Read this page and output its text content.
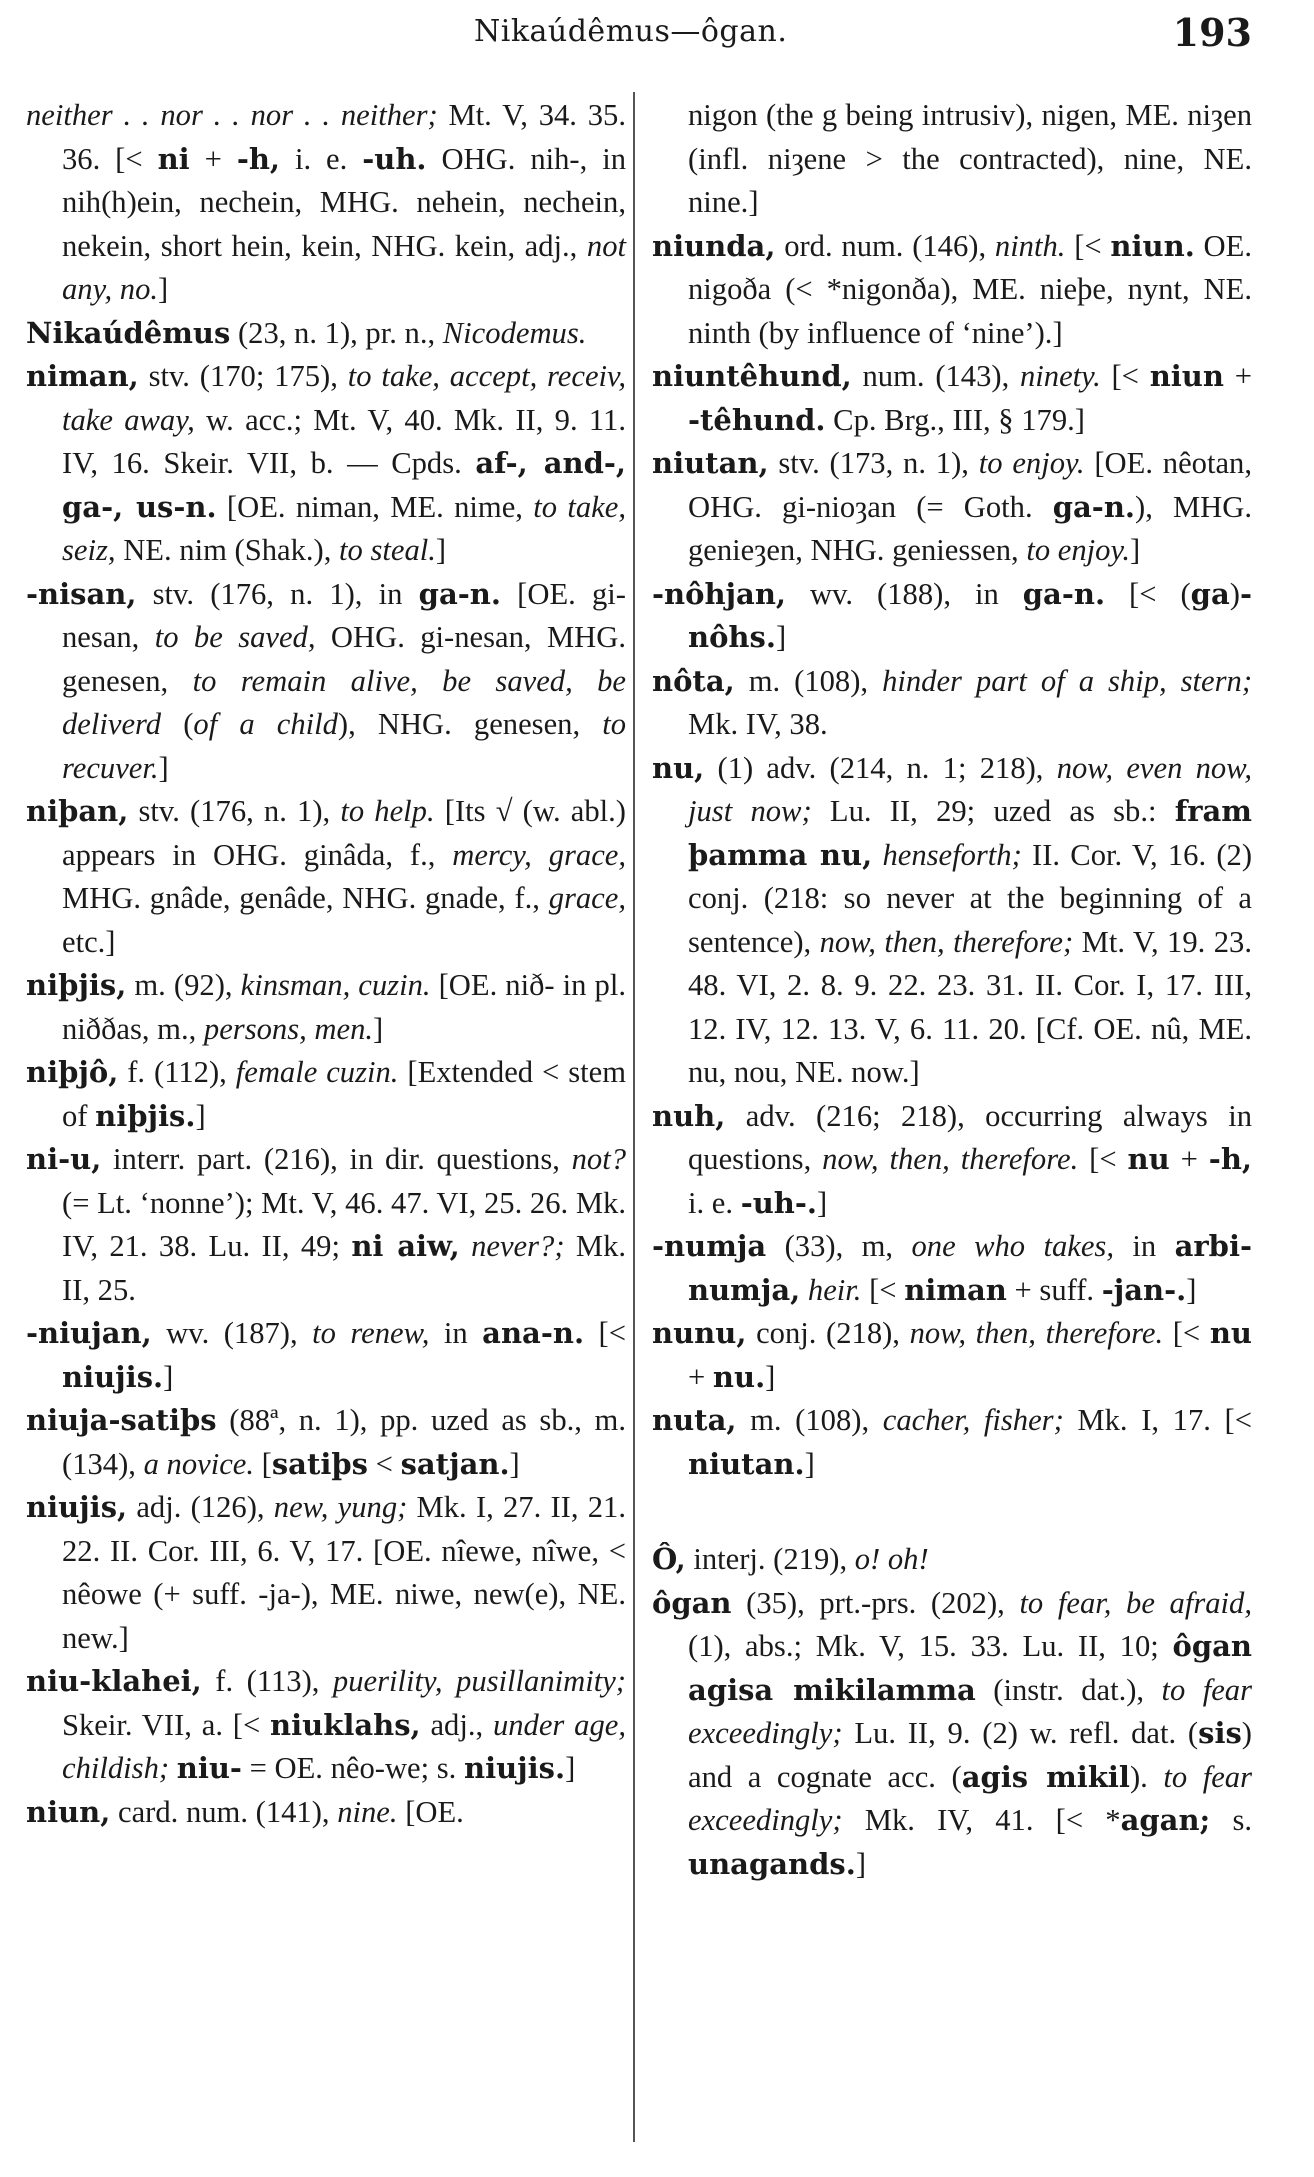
Nikaúdêmus—ôgan.	193

neither . . nor . . nor . . neither; Mt. V, 34. 35. 36. [< ni + -h, i. e. -uh. OHG. nih-, in nih(h)ein, nechein, MHG. nehein, nechein, nekein, short hein, kein, NHG. kein, adj., not any, no.]

Nikaúdêmus (23, n. 1), pr. n., Nicodemus.

niman, stv. (170; 175), to take, accept, receiv, take away, w. acc.; Mt. V, 40. Mk. II, 9. 11. IV, 16. Skeir. VII, b. — Cpds. af-, and-, ga-, us-n. [OE. niman, ME. nime, to take, seiz, NE. nim (Shak.), to steal.]

-nisan, stv. (176, n. 1), in ga-n. [OE. gi-nesan, to be saved, OHG. gi-nesan, MHG. genesen, to remain alive, be saved, be deliverd (of a child), NHG. genesen, to recuver.]

niþan, stv. (176, n. 1), to help. [Its √ (w. abl.) appears in OHG. ginâda, f., mercy, grace, MHG. gnâde, genâde, NHG. gnade, f., grace, etc.]

niþjis, m. (92), kinsman, cuzin. [OE. nið- in pl. niððas, m., persons, men.]

niþjô, f. (112), female cuzin. [Extended < stem of niþjis.]

ni-u, interr. part. (216), in dir. questions, not? (= Lt. ‘nonne’); Mt. V, 46. 47. VI, 25. 26. Mk. IV, 21. 38. Lu. II, 49; ni aiw, never?; Mk. II, 25.

-niujan, wv. (187), to renew, in ana-n. [< niujis.]

niuja-satiþs (88ª, n. 1), pp. uzed as sb., m. (134), a novice. [satiþs < satjan.]

niujis, adj. (126), new, yung; Mk. I, 27. II, 21. 22. II. Cor. III, 6. V, 17. [OE. nîewe, nîwe, < nêowe (+ suff. -ja-), ME. niwe, new(e), NE. new.]

niu-klahei, f. (113), puerility, pusillanimity; Skeir. VII, a. [< niuklahs, adj., under age, childish; niu- = OE. nêo-we; s. niujis.]

niun, card. num. (141), nine. [OE.

nigon (the g being intrusiv), nigen, ME. niȝen (infl. niȝene > the contracted), nine, NE. nine.]

niunda, ord. num. (146), ninth. [< niun. OE. nigoða (< *nigonða), ME. nieþe, nynt, NE. ninth (by influence of ‘nine’).]

niuntêhund, num. (143), ninety. [< niun + -têhund. Cp. Brg., III, § 179.]

niutan, stv. (173, n. 1), to enjoy. [OE. nêotan, OHG. gi-nioȝan (= Goth. ga-n.), MHG. genieȝen, NHG. geniessen, to enjoy.]

-nôhjan, wv. (188), in ga-n. [< (ga)-nôhs.]

nôta, m. (108), hinder part of a ship, stern; Mk. IV, 38.

nu, (1) adv. (214, n. 1; 218), now, even now, just now; Lu. II, 29; uzed as sb.: fram þamma nu, henseforth; II. Cor. V, 16. (2) conj. (218: so never at the beginning of a sentence), now, then, therefore; Mt. V, 19. 23. 48. VI, 2. 8. 9. 22. 23. 31. II. Cor. I, 17. III, 12. IV, 12. 13. V, 6. 11. 20. [Cf. OE. nû, ME. nu, nou, NE. now.]

nuh, adv. (216; 218), occurring always in questions, now, then, therefore. [< nu + -h, i. e. -uh-.]

-numja (33), m, one who takes, in arbi-numja, heir. [< niman + suff. -jan-.]

nunu, conj. (218), now, then, therefore. [< nu + nu.]

nuta, m. (108), cacher, fisher; Mk. I, 17. [< niutan.]

Ô, interj. (219), o! oh!

ôgan (35), prt.-prs. (202), to fear, be afraid, (1), abs.; Mk. V, 15. 33. Lu. II, 10; ôgan agisa mikilamma (instr. dat.), to fear exceedingly; Lu. II, 9. (2) w. refl. dat. (sis) and a cognate acc. (agis mikil). to fear exceedingly; Mk. IV, 41. [< *agan; s. unagands.]
